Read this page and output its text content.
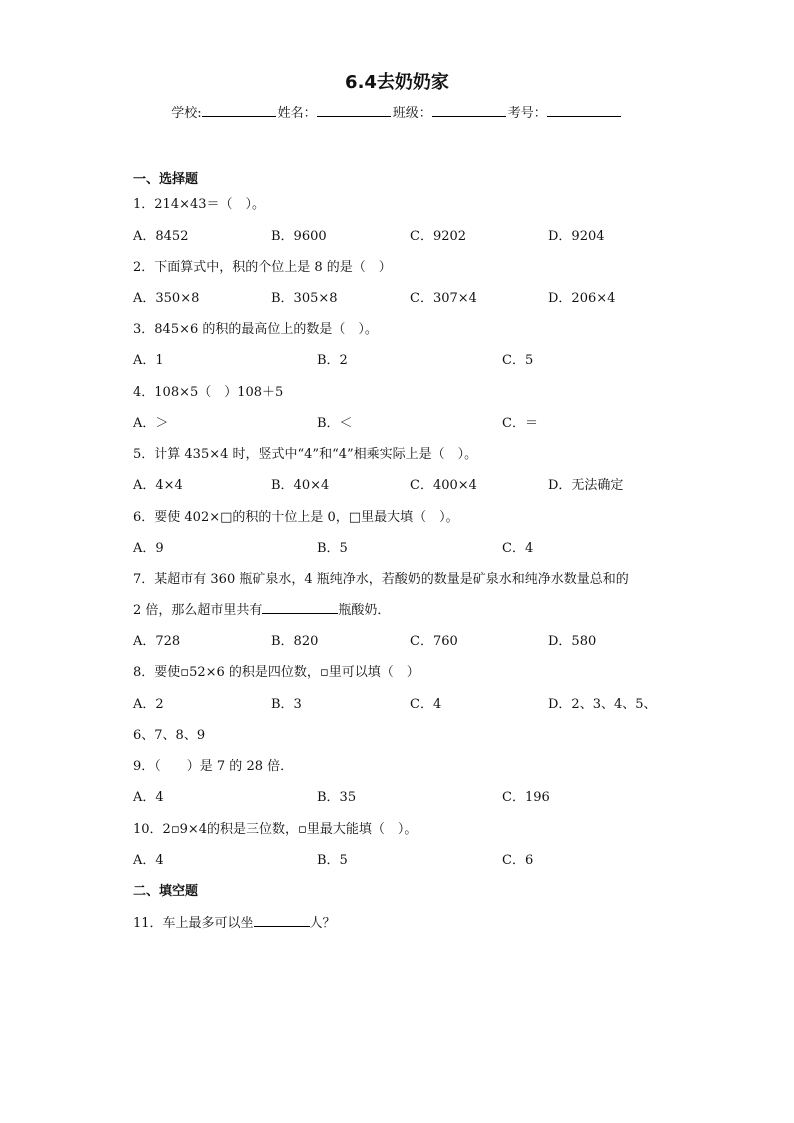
6.4去奶奶家
学校:	姓名：	班级：	考号：
一、选择题
1．214×43＝（　）。
A．8452	B．9600	C．9202	D．9204
2．下面算式中，积的个位上是 8 的是（　）
A．350×8	B．305×8	C．307×4	D．206×4
3．845×6 的积的最高位上的数是（　）。
A．1	B．2	C．5
4．108×5（　）108＋5
A．＞	B．＜	C．＝
5．计算 435×4 时，竖式中“4”和“4”相乘实际上是（　）。
A．4×4	B．40×4	C．400×4	D．无法确定
6．要使 402×□的积的十位上是 0，□里最大填（　）。
A．9	B．5	C．4
7．某超市有 360 瓶矿泉水，4 瓶纯净水，若酸奶的数量是矿泉水和纯净水数量总和的
2 倍，那么超市里共有	瓶酸奶．
A．728	B．820	C．760	D．580
8．要使▫52×6 的积是四位数，▫里可以填（　）
A．2	B．3	C．4	D．2、3、4、5、
6、7、8、9
9．（　　）是 7 的 28 倍．
A．4	B．35	C．196
10．2▫9×4的积是三位数，▫里最大能填（　）。
A．4	B．5	C．6
二、填空题
11．车上最多可以坐	人？
